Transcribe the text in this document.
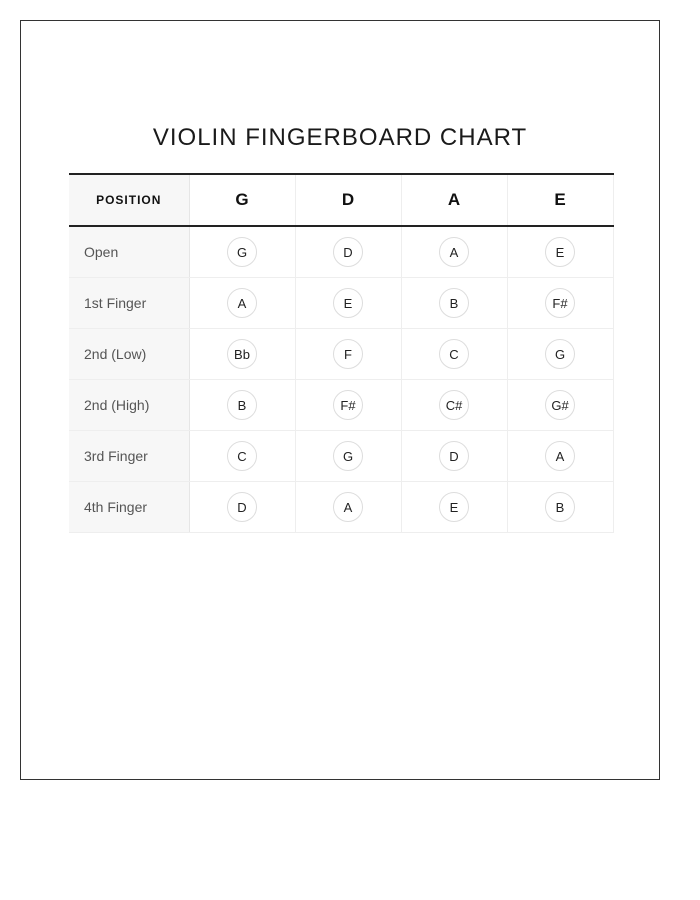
VIOLIN FINGERBOARD CHART
POSITION	G	D	A	E
Open	G	D	A	E
1st Finger	A	E	B	F#
2nd (Low)	Bb	F	C	G
2nd (High)	B	F#	C#	G#
3rd Finger	C	G	D	A
4th Finger	D	A	E	B
